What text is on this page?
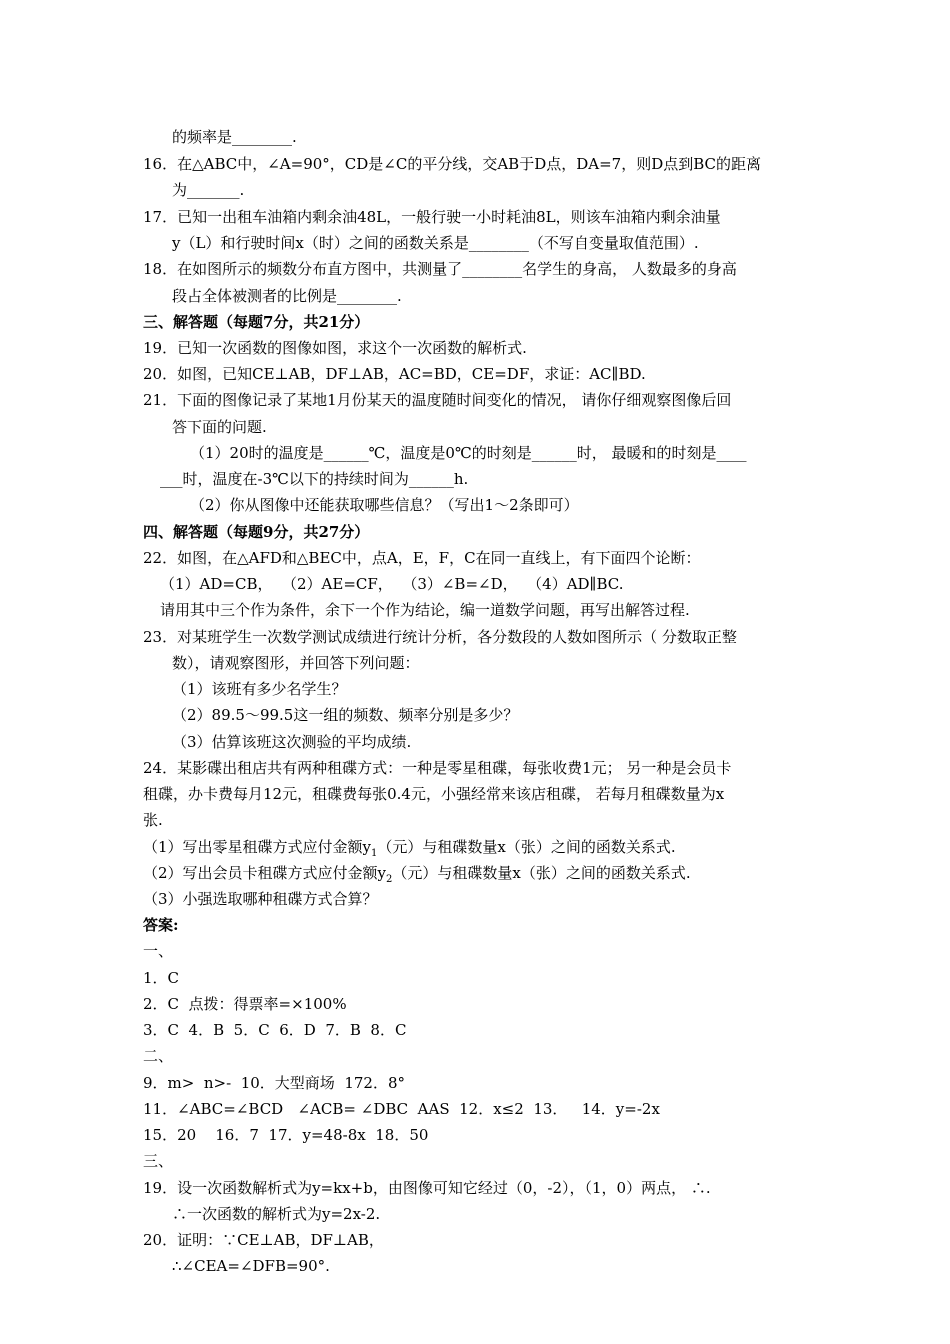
的频率是________.
16．在△ABC中，∠A=90°，CD是∠C的平分线，交AB于D点，DA=7，则D点到BC的距离
为_______.
17．已知一出租车油箱内剩余油48L，一般行驶一小时耗油8L，则该车油箱内剩余油量
y（L）和行驶时间x（时）之间的函数关系是________（不写自变量取值范围）.
18．在如图所示的频数分布直方图中，共测量了________名学生的身高， 人数最多的身高
段占全体被测者的比例是________.
三、解答题（每题7分，共21分）
19．已知一次函数的图像如图，求这个一次函数的解析式.
20．如图，已知CE⊥AB，DF⊥AB，AC=BD，CE=DF，求证：AC∥BD.
21．下面的图像记录了某地1月份某天的温度随时间变化的情况， 请你仔细观察图像后回
答下面的问题.
（1）20时的温度是______℃，温度是0℃的时刻是______时， 最暖和的时刻是____
___时，温度在-3℃以下的持续时间为______h.
（2）你从图像中还能获取哪些信息？（写出1～2条即可）
四、解答题（每题9分，共27分）
22．如图，在△AFD和△BEC中，点A，E，F，C在同一直线上，有下面四个论断：
（1）AD=CB，  （2）AE=CF，  （3）∠B=∠D，  （4）AD∥BC.
请用其中三个作为条件，余下一个作为结论，编一道数学问题，再写出解答过程.
23．对某班学生一次数学测试成绩进行统计分析，各分数段的人数如图所示（ 分数取正整
数），请观察图形，并回答下列问题：
（1）该班有多少名学生？
（2）89.5～99.5这一组的频数、频率分别是多少？
（3）估算该班这次测验的平均成绩.
24．某影碟出租店共有两种租碟方式：一种是零星租碟，每张收费1元； 另一种是会员卡
租碟，办卡费每月12元，租碟费每张0.4元，小强经常来该店租碟， 若每月租碟数量为x
张.
（1）写出零星租碟方式应付金额$y_1$（元）与租碟数量x（张）之间的函数关系式.
（2）写出会员卡租碟方式应付金额$y_2$（元）与租碟数量x（张）之间的函数关系式.
（3）小强选取哪种租碟方式合算？
答案:
一、
1．C
2．C  点拨：得票率=×100%
3．C  4．B  5．C  6．D  7．B  8．C
二、
9．m>  n>-  10．大型商场  172．8°
11．∠ABC=∠BCD   ∠ACB= ∠DBC  AAS  12．x≤2  13．   14．y=-2x
15．20    16．7  17．y=48-8x  18．50
三、
19．设一次函数解析式为y=kx+b，由图像可知它经过（0，-2），（1，0）两点， ∴.
∴一次函数的解析式为y=2x-2.
20．证明：∵CE⊥AB，DF⊥AB，
∴∠CEA=∠DFB=90°.
